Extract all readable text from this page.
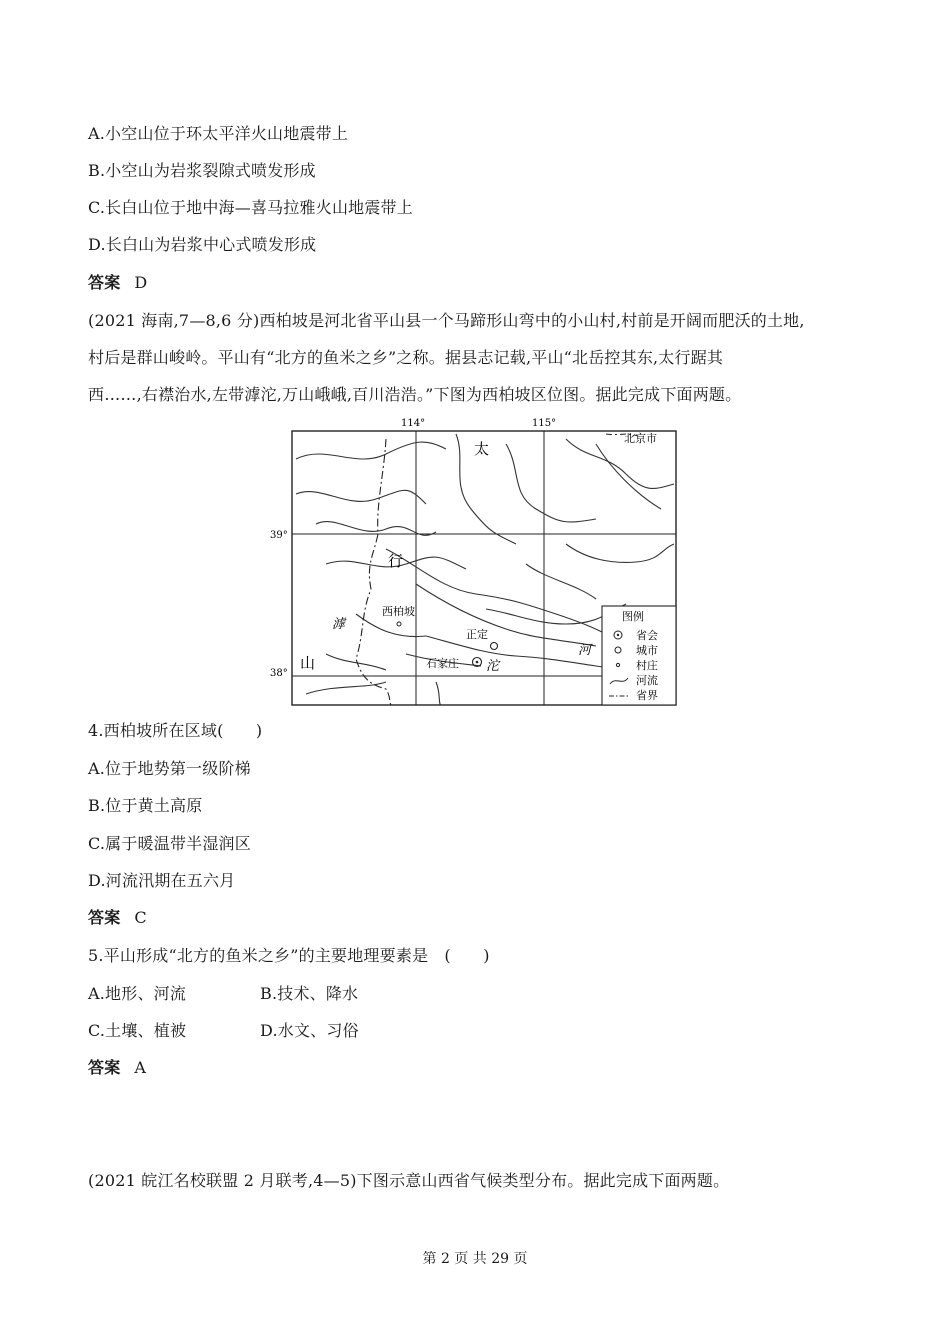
A.小空山位于环太平洋火山地震带上
B.小空山为岩浆裂隙式喷发形成
C.长白山位于地中海—喜马拉雅火山地震带上
D.长白山为岩浆中心式喷发形成
答案 D
(2021 海南,7—8,6 分)西柏坡是河北省平山县一个马蹄形山弯中的小山村,村前是开阔而肥沃的土地,
村后是群山峻岭。平山有“北方的鱼米之乡”之称。据县志记载,平山“北岳控其东,太行踞其
西……,右襟治水,左带滹沱,万山峨峨,百川浩浩。”下图为西柏坡区位图。据此完成下面两题。
114°	115°
39°
38°
北京市
太
行
山
滹
沱
河
西柏坡
正定
石家庄
图例
省会
城市
村庄
河流
省界
4.西柏坡所在区域(　　)
A.位于地势第一级阶梯
B.位于黄土高原
C.属于暖温带半湿润区
D.河流汛期在五六月
答案 C
5.平山形成“北方的鱼米之乡”的主要地理要素是　(　　)
A.地形、河流	B.技术、降水
C.土壤、植被	D.水文、习俗
答案 A
(2021 皖江名校联盟 2 月联考,4—5)下图示意山西省气候类型分布。据此完成下面两题。
第 2 页 共 29 页
